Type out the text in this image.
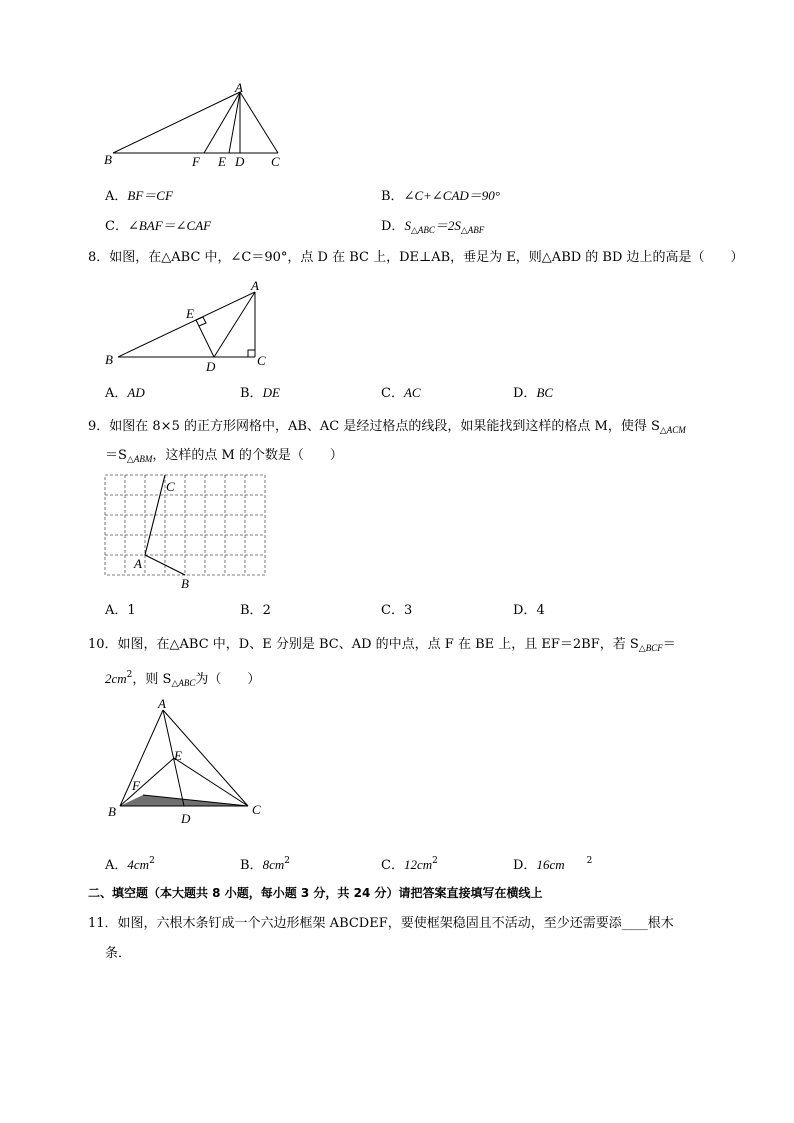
A
B	F E D C
A．BF＝CF	B．∠C+∠CAD＝90°
C．∠BAF＝∠CAF	D．$S_{\triangle ABC}=2S_{\triangle ABF}$
8．如图，在△ABC 中，∠C＝90°，点 D 在 BC 上，DE⊥AB，垂足为 E，则△ABD 的 BD 边上的高是（　　）
A
E
B	D	C
A．AD	B．DE	C．AC	D．BC
9．如图在 8×5 的正方形网格中，AB、AC 是经过格点的线段，如果能找到这样的格点 M，使得 $S_{\triangle ACM}$
$=S_{\triangle ABM}$，这样的点 M 的个数是（　　）
C
A
B
A．1	B．2	C．3	D．4
10．如图，在△ABC 中，D、E 分别是 BC、AD 的中点，点 F 在 BE 上，且 EF＝2BF，若 $S_{\triangle BCF}=$
$2cm^2$，则 $S_{\triangle ABC}$为（　　）
A
E
F
B	D
C
A．$4cm^2$	B．$8cm^2$	C．$12cm^2$	D．16cm $^2$
二、填空题（本大题共 8 小题，每小题 3 分，共 24 分）请把答案直接填写在横线上
11．如图，六根木条钉成一个六边形框架 ABCDEF，要使框架稳固且不活动，至少还需要添____根木
条．
